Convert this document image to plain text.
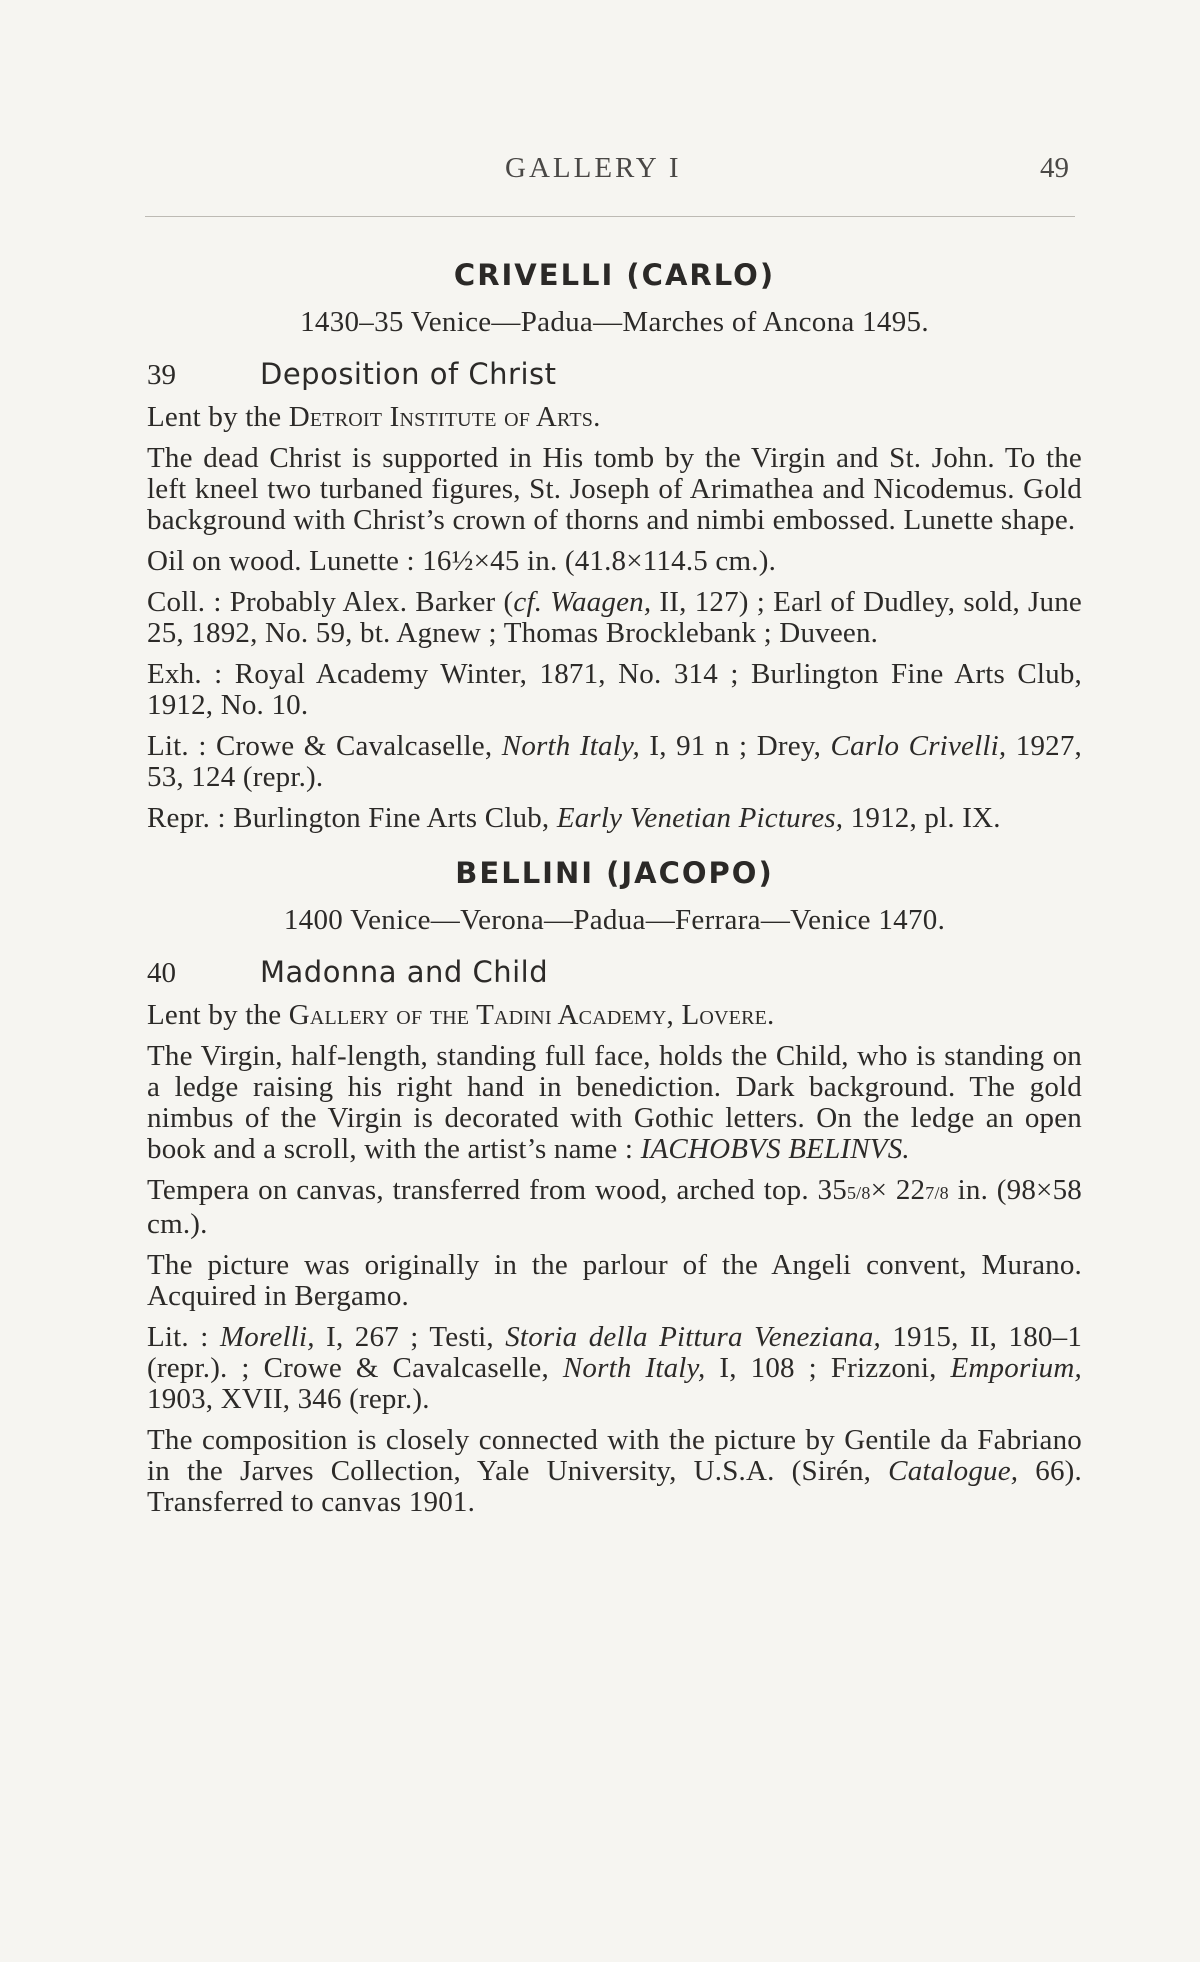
GALLERY I	49
CRIVELLI (CARLO)

1430–35 Venice—Padua—Marches of Ancona 1495.

39	Deposition of Christ

Lent by the Detroit Institute of Arts.

The dead Christ is supported in His tomb by the Virgin and St. John. To the left kneel two turbaned figures, St. Joseph of Arimathea and Nicodemus. Gold background with Christ’s crown of thorns and nimbi embossed. Lunette shape.

Oil on wood. Lunette : 16½×45 in. (41.8×114.5 cm.).

Coll. : Probably Alex. Barker (cf. Waagen, II, 127) ; Earl of Dudley, sold, June 25, 1892, No. 59, bt. Agnew ; Thomas Brocklebank ; Duveen.

Exh. : Royal Academy Winter, 1871, No. 314 ; Burlington Fine Arts Club, 1912, No. 10.

Lit. : Crowe & Cavalcaselle, North Italy, I, 91 n ; Drey, Carlo Crivelli, 1927, 53, 124 (repr.).

Repr. : Burlington Fine Arts Club, Early Venetian Pictures, 1912, pl. IX.

BELLINI (JACOPO)

1400 Venice—Verona—Padua—Ferrara—Venice 1470.

40	Madonna and Child

Lent by the Gallery of the Tadini Academy, Lovere.

The Virgin, half-length, standing full face, holds the Child, who is standing on a ledge raising his right hand in benediction. Dark background. The gold nimbus of the Virgin is decorated with Gothic letters. On the ledge an open book and a scroll, with the artist’s name : IACHOBVS BELINVS.

Tempera on canvas, transferred from wood, arched top. 355/8× 227/8 in. (98×58 cm.).

The picture was originally in the parlour of the Angeli convent, Murano. Acquired in Bergamo.

Lit. : Morelli, I, 267 ; Testi, Storia della Pittura Veneziana, 1915, II, 180–1 (repr.). ; Crowe & Cavalcaselle, North Italy, I, 108 ; Frizzoni, Emporium, 1903, XVII, 346 (repr.).

The composition is closely connected with the picture by Gentile da Fabriano in the Jarves Collection, Yale University, U.S.A. (Sirén, Catalogue, 66). Transferred to canvas 1901.
